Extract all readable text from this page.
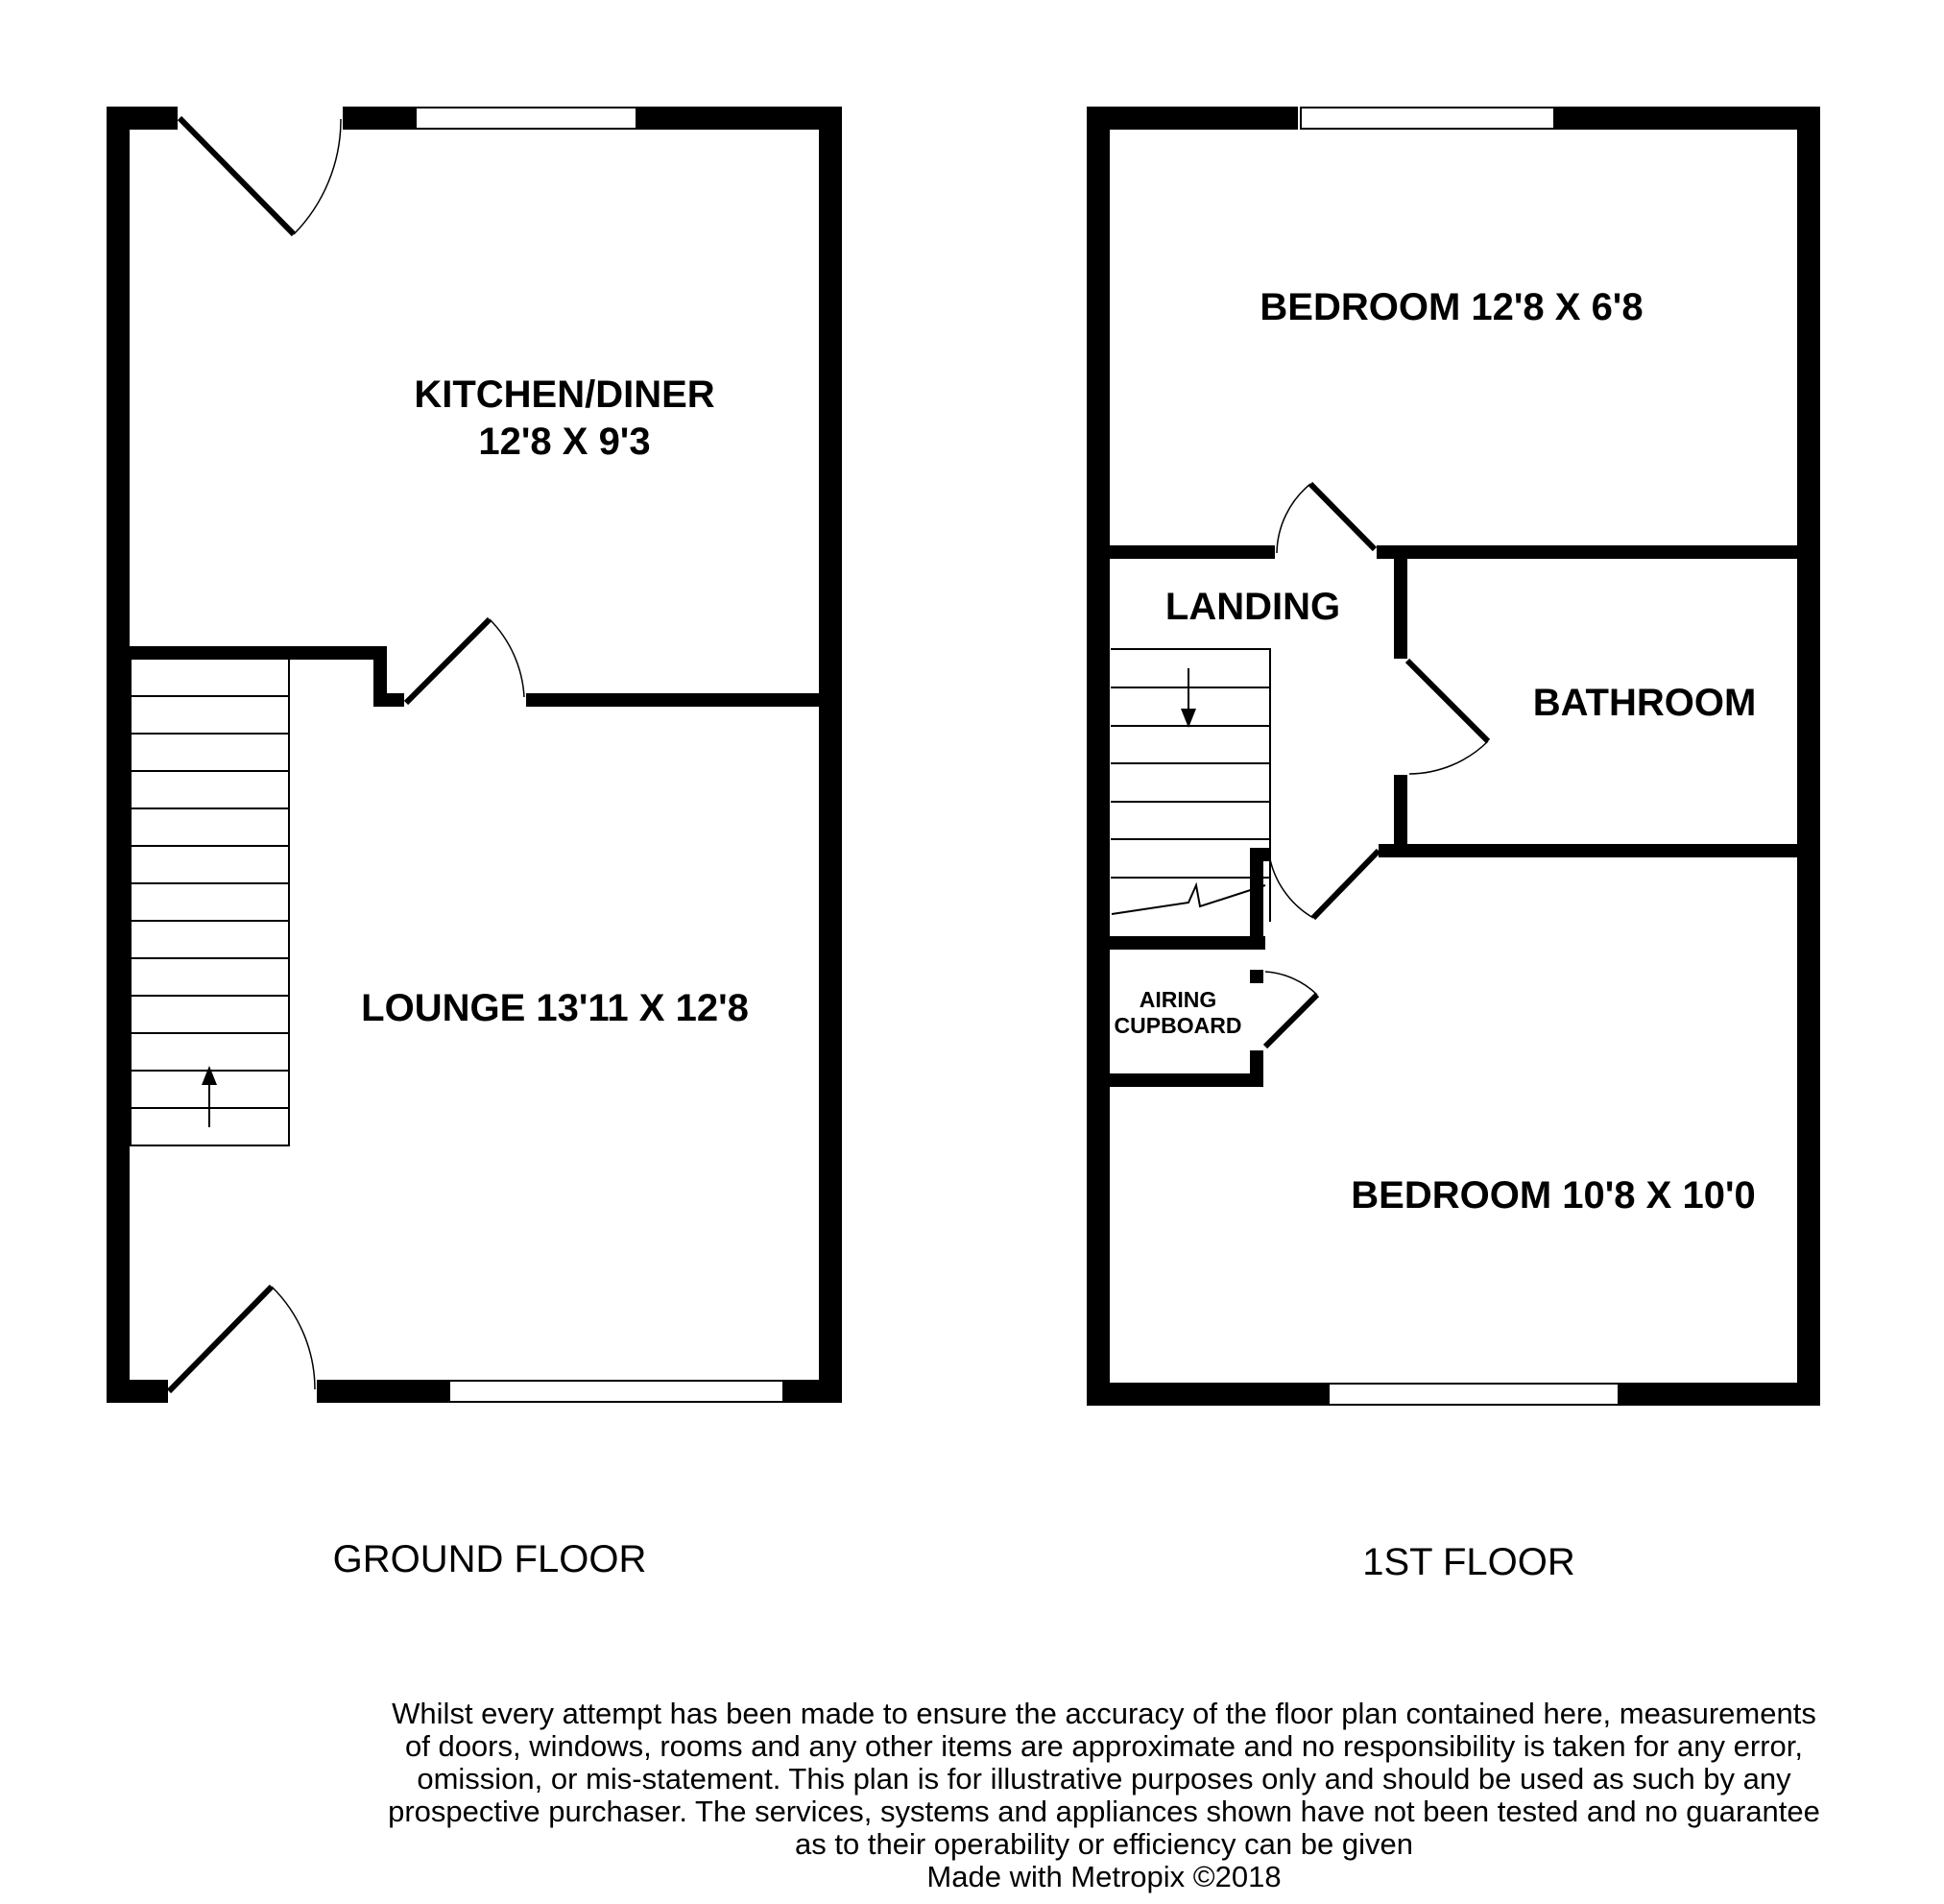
KITCHEN/DINER
12'8 X 9'3
LOUNGE 13'11 X 12'8
GROUND FLOOR
BEDROOM 12'8 X 6'8
LANDING
BATHROOM
AIRING
CUPBOARD
BEDROOM 10'8 X 10'0
1ST FLOOR
Whilst every attempt has been made to ensure the accuracy of the floor plan contained here, measurements
of doors, windows, rooms and any other items are approximate and no responsibility is taken for any error,
omission, or mis-statement. This plan is for illustrative purposes only and should be used as such by any
prospective purchaser. The services, systems and appliances shown have not been tested and no guarantee
as to their operability or efficiency can be given
Made with Metropix ©2018
